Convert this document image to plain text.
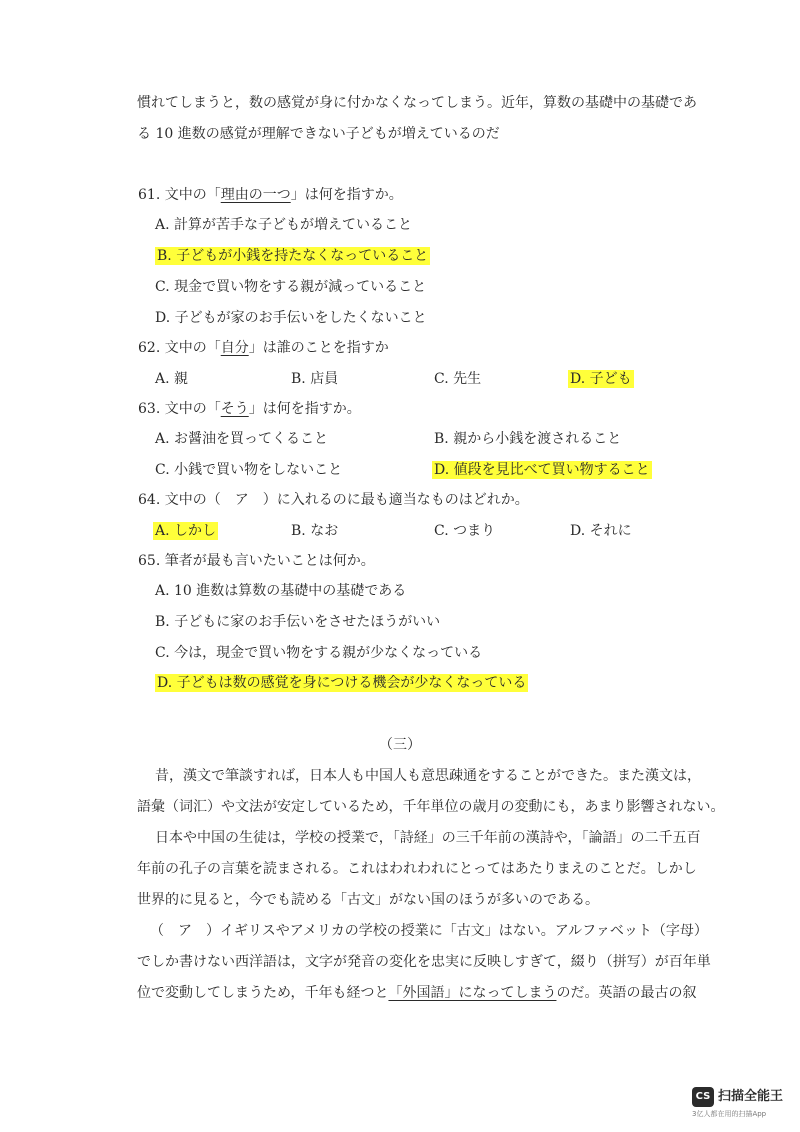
慣れてしまうと，数の感覚が身に付かなくなってしまう。近年，算数の基礎中の基礎であ
る 10 進数の感覚が理解できない子どもが増えているのだ
61. 文中の「理由の一つ」は何を指すか。
A. 計算が苦手な子どもが増えていること
B. 子どもが小銭を持たなくなっていること
C. 現金で買い物をする親が減っていること
D. 子どもが家のお手伝いをしたくないこと
62. 文中の「自分」は誰のことを指すか
A. 親	B. 店員	C. 先生	D. 子ども
63. 文中の「そう」は何を指すか。
A. お醤油を買ってくること	B. 親から小銭を渡されること
C. 小銭で買い物をしないこと	D. 値段を見比べて買い物すること
64. 文中の（　ア　）に入れるのに最も適当なものはどれか。
A. しかし	B. なお	C. つまり	D. それに
65. 筆者が最も言いたいことは何か。
A. 10 進数は算数の基礎中の基礎である
B. 子どもに家のお手伝いをさせたほうがいい
C. 今は，現金で買い物をする親が少なくなっている
D. 子どもは数の感覚を身につける機会が少なくなっている
（三）
昔，漢文で筆談すれば，日本人も中国人も意思疎通をすることができた。また漢文は，
語彙（词汇）や文法が安定しているため，千年単位の歳月の変動にも，あまり影響されない。
日本や中国の生徒は，学校の授業で，「詩経」の三千年前の漢詩や，「論語」の二千五百
年前の孔子の言葉を読まされる。これはわれわれにとってはあたりまえのことだ。しかし
世界的に見ると，今でも読める「古文」がない国のほうが多いのである。
（　ア　）イギリスやアメリカの学校の授業に「古文」はない。アルファベット（字母）
でしか書けない西洋語は，文字が発音の変化を忠実に反映しすぎて，綴り（拼写）が百年単
位で変動してしまうため，千年も経つと「外国語」になってしまうのだ。英語の最古の叙
CS 扫描全能王
3亿人都在用的扫描App
